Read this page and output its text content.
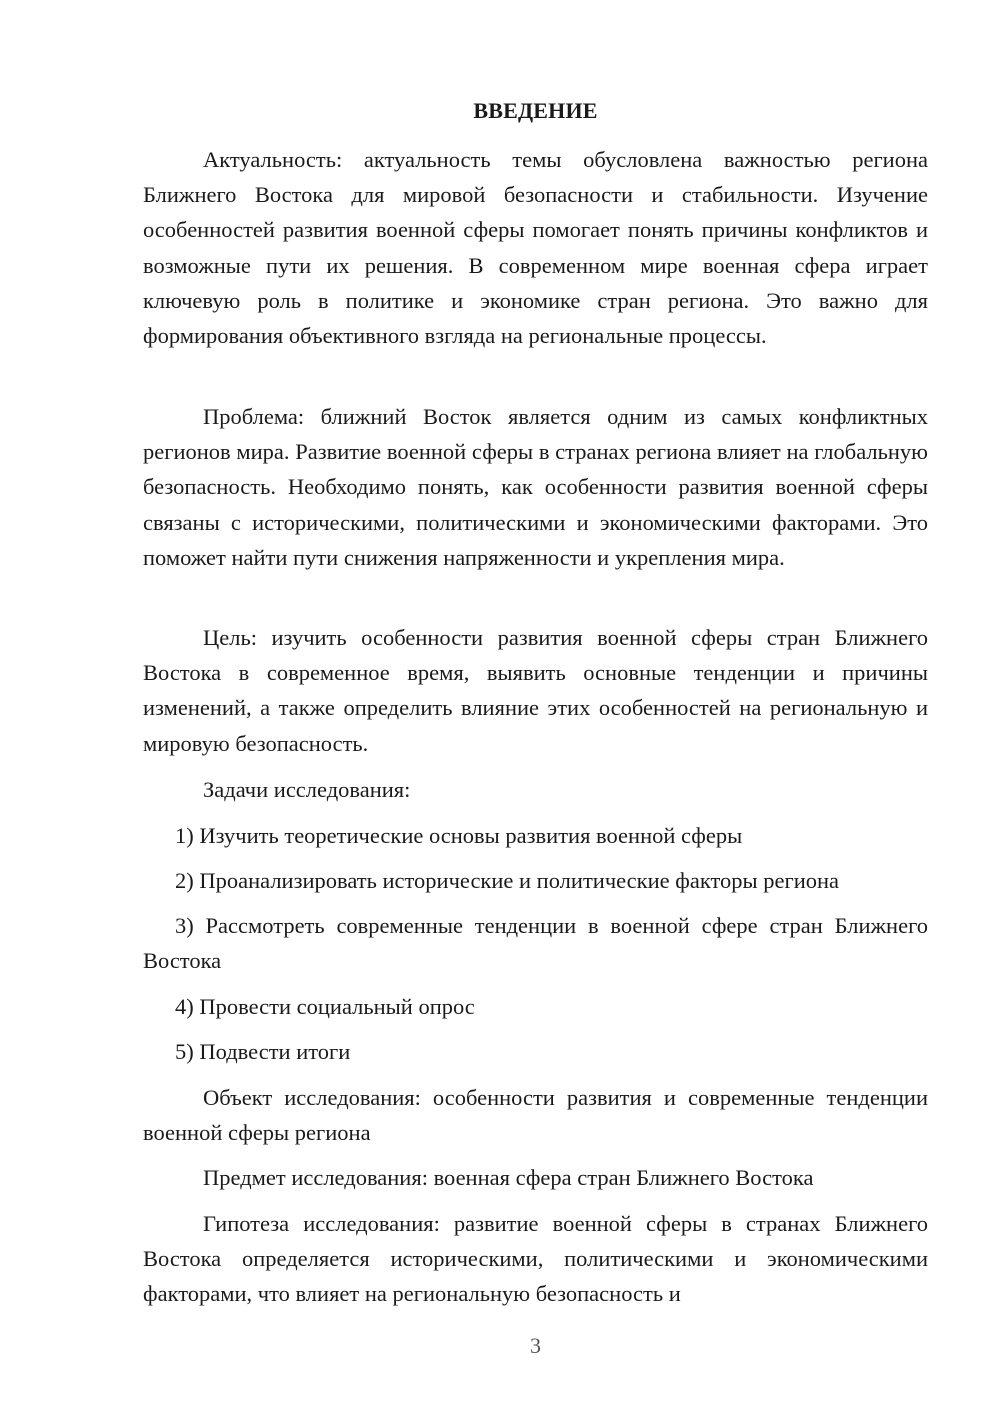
ВВЕДЕНИЕ

Актуальность: актуальность темы обусловлена важностью региона Ближнего Востока для мировой безопасности и стабильности. Изучение особенностей развития военной сферы помогает понять причины конфликтов и возможные пути их решения. В современном мире военная сфера играет ключевую роль в политике и экономике стран региона. Это важно для формирования объективного взгляда на региональные процессы.

Проблема: ближний Восток является одним из самых конфликтных регионов мира. Развитие военной сферы в странах региона влияет на глобальную безопасность. Необходимо понять, как особенности развития военной сферы связаны с историческими, политическими и экономическими факторами. Это поможет найти пути снижения напряженности и укрепления мира.

Цель: изучить особенности развития военной сферы стран Ближнего Востока в современное время, выявить основные тенденции и причины изменений, а также определить влияние этих особенностей на региональную и мировую безопасность.

Задачи исследования:

1) Изучить теоретические основы развития военной сферы

2) Проанализировать исторические и политические факторы региона

3) Рассмотреть современные тенденции в военной сфере стран Ближнего Востока

4) Провести социальный опрос

5) Подвести итоги

Объект исследования: особенности развития и современные тенденции военной сферы региона

Предмет исследования: военная сфера стран Ближнего Востока

Гипотеза исследования: развитие военной сферы в странах Ближнего Востока определяется историческими, политическими и экономическими факторами, что влияет на региональную безопасность и

3
